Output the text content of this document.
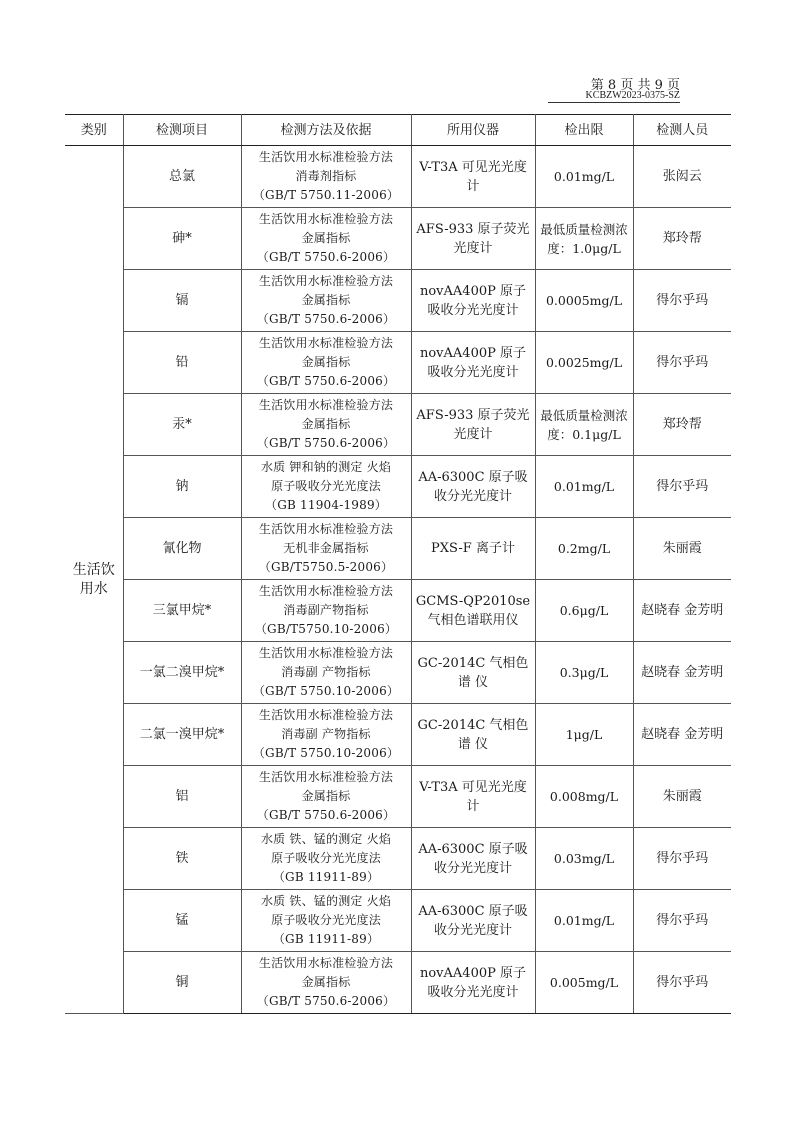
第 8 页 共 9 页
KCBZW2023-0375-SZ
类别	检测项目	检测方法及依据	所用仪器	检出限	检测人员
生活饮用水	总氯	生活饮用水标准检验方法
消毒剂指标
（GB/T 5750.11-2006）	V-T3A 可见光光度计	0.01mg/L	张闳云
	砷*	生活饮用水标准检验方法
金属指标
（GB/T 5750.6-2006）	AFS-933 原子荧光光度计	最低质量检测浓度：1.0μg/L	郑玲帮
	镉	生活饮用水标准检验方法
金属指标
（GB/T 5750.6-2006）	novAA400P 原子吸收分光光度计	0.0005mg/L	得尔乎玛
	铅	生活饮用水标准检验方法
金属指标
（GB/T 5750.6-2006）	novAA400P 原子吸收分光光度计	0.0025mg/L	得尔乎玛
	汞*	生活饮用水标准检验方法
金属指标
（GB/T 5750.6-2006）	AFS-933 原子荧光光度计	最低质量检测浓度：0.1μg/L	郑玲帮
	钠	水质 钾和钠的测定 火焰
原子吸收分光光度法
（GB 11904-1989）	AA-6300C 原子吸收分光光度计	0.01mg/L	得尔乎玛
	氰化物	生活饮用水标准检验方法
无机非金属指标
（GB/T5750.5-2006）	PXS-F 离子计	0.2mg/L	朱丽霞
	三氯甲烷*	生活饮用水标准检验方法
消毒副产物指标
（GB/T5750.10-2006）	GCMS-QP2010se 气相色谱联用仪	0.6μg/L	赵晓春 金芳明
	一氯二溴甲烷*	生活饮用水标准检验方法
消毒副 产物指标
（GB/T 5750.10-2006）	GC-2014C 气相色谱 仪	0.3μg/L	赵晓春 金芳明
	二氯一溴甲烷*	生活饮用水标准检验方法
消毒副 产物指标
（GB/T 5750.10-2006）	GC-2014C 气相色谱 仪	1μg/L	赵晓春 金芳明
	铝	生活饮用水标准检验方法
金属指标
（GB/T 5750.6-2006）	V-T3A 可见光光度计	0.008mg/L	朱丽霞
	铁	水质 铁、锰的测定 火焰
原子吸收分光光度法
（GB 11911-89）	AA-6300C 原子吸收分光光度计	0.03mg/L	得尔乎玛
	锰	水质 铁、锰的测定 火焰
原子吸收分光光度法
（GB 11911-89）	AA-6300C 原子吸收分光光度计	0.01mg/L	得尔乎玛
	铜	生活饮用水标准检验方法
金属指标
（GB/T 5750.6-2006）	novAA400P 原子吸收分光光度计	0.005mg/L	得尔乎玛
